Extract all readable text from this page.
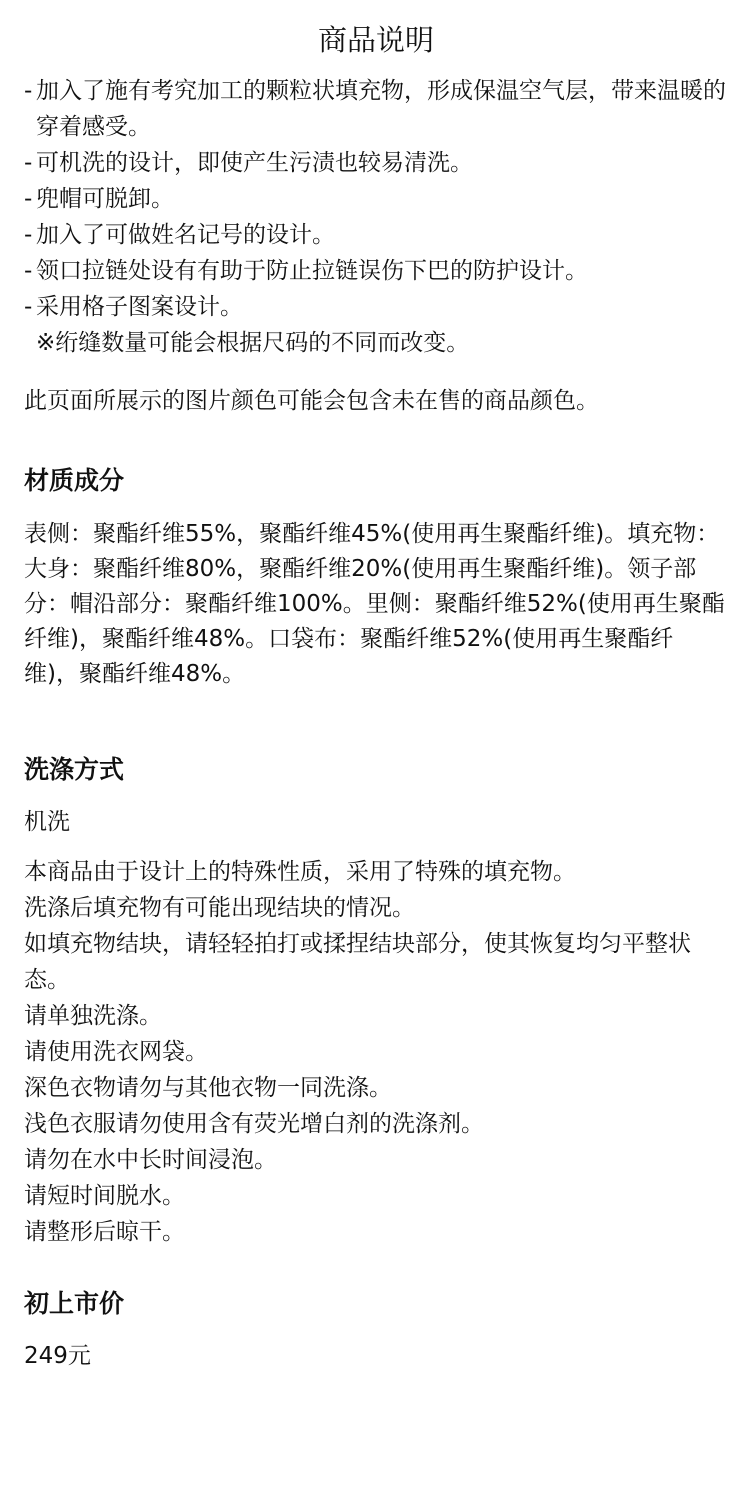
商品说明
- 加入了施有考究加工的颗粒状填充物，形成保温空气层，带来温暖的穿着感受。
- 可机洗的设计，即使产生污渍也较易清洗。
- 兜帽可脱卸。
- 加入了可做姓名记号的设计。
- 领口拉链处设有有助于防止拉链误伤下巴的防护设计。
- 采用格子图案设计。
※绗缝数量可能会根据尺码的不同而改变。
此页面所展示的图片颜色可能会包含未在售的商品颜色。
材质成分

表侧：聚酯纤维55%，聚酯纤维45%(使用再生聚酯纤维)。填充物：大身：聚酯纤维80%，聚酯纤维20%(使用再生聚酯纤维)。领子部分：帽沿部分：聚酯纤维100%。里侧：聚酯纤维52%(使用再生聚酯纤维)，聚酯纤维48%。口袋布：聚酯纤维52%(使用再生聚酯纤维)，聚酯纤维48%。

洗涤方式

机洗

本商品由于设计上的特殊性质，采用了特殊的填充物。
洗涤后填充物有可能出现结块的情况。
如填充物结块，请轻轻拍打或揉捏结块部分，使其恢复均匀平整状态。
请单独洗涤。
请使用洗衣网袋。
深色衣物请勿与其他衣物一同洗涤。
浅色衣服请勿使用含有荧光增白剂的洗涤剂。
请勿在水中长时间浸泡。
请短时间脱水。
请整形后晾干。
初上市价

249元
